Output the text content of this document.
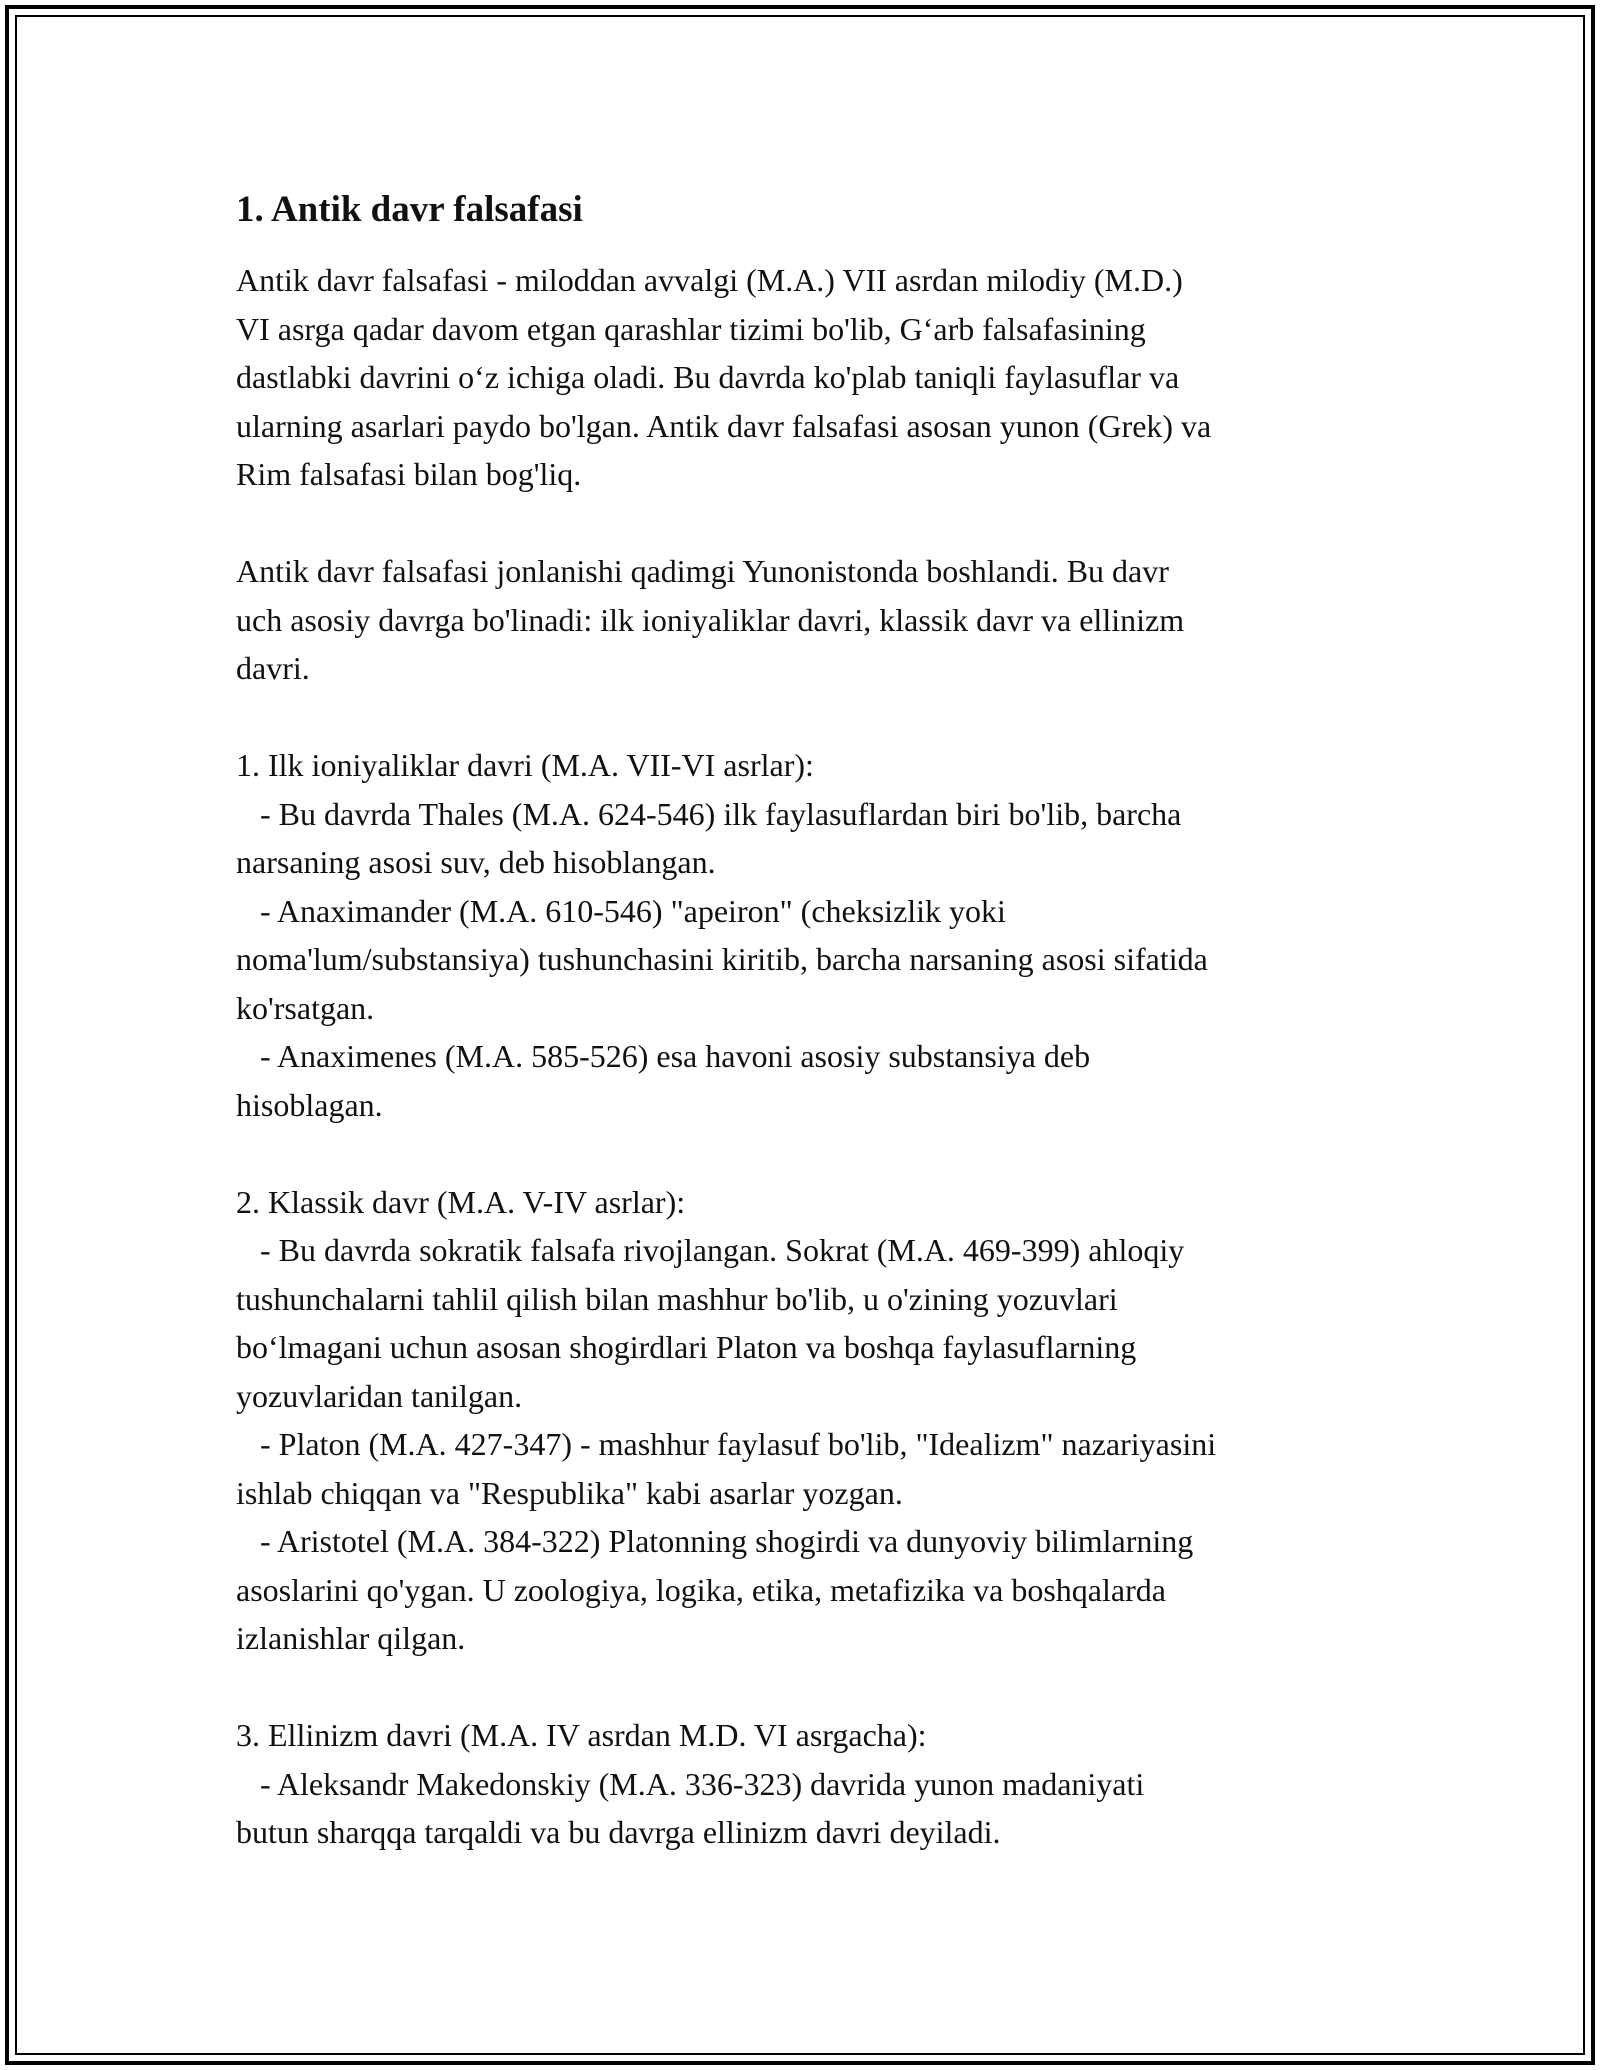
1. Antik davr falsafasi

Antik davr falsafasi - miloddan avvalgi (M.A.) VII asrdan milodiy (M.D.)
VI asrga qadar davom etgan qarashlar tizimi bo'lib, G‘arb falsafasining
dastlabki davrini o‘z ichiga oladi. Bu davrda ko'plab taniqli faylasuflar va
ularning asarlari paydo bo'lgan. Antik davr falsafasi asosan yunon (Grek) va
Rim falsafasi bilan bog'liq.

Antik davr falsafasi jonlanishi qadimgi Yunonistonda boshlandi. Bu davr
uch asosiy davrga bo'linadi: ilk ioniyaliklar davri, klassik davr va ellinizm
davri.

1. Ilk ioniyaliklar davri (M.A. VII-VI asrlar):
- Bu davrda Thales (M.A. 624-546) ilk faylasuflardan biri bo'lib, barcha
narsaning asosi suv, deb hisoblangan.
- Anaximander (M.A. 610-546) "apeiron" (cheksizlik yoki
noma'lum/substansiya) tushunchasini kiritib, barcha narsaning asosi sifatida
ko'rsatgan.
- Anaximenes (M.A. 585-526) esa havoni asosiy substansiya deb
hisoblagan.

2. Klassik davr (M.A. V-IV asrlar):
- Bu davrda sokratik falsafa rivojlangan. Sokrat (M.A. 469-399) ahloqiy
tushunchalarni tahlil qilish bilan mashhur bo'lib, u o'zining yozuvlari
bo‘lmagani uchun asosan shogirdlari Platon va boshqa faylasuflarning
yozuvlaridan tanilgan.
- Platon (M.A. 427-347) - mashhur faylasuf bo'lib, "Idealizm" nazariyasini
ishlab chiqqan va "Respublika" kabi asarlar yozgan.
- Aristotel (M.A. 384-322) Platonning shogirdi va dunyoviy bilimlarning
asoslarini qo'ygan. U zoologiya, logika, etika, metafizika va boshqalarda
izlanishlar qilgan.

3. Ellinizm davri (M.A. IV asrdan M.D. VI asrgacha):
- Aleksandr Makedonskiy (M.A. 336-323) davrida yunon madaniyati
butun sharqqa tarqaldi va bu davrga ellinizm davri deyiladi.
